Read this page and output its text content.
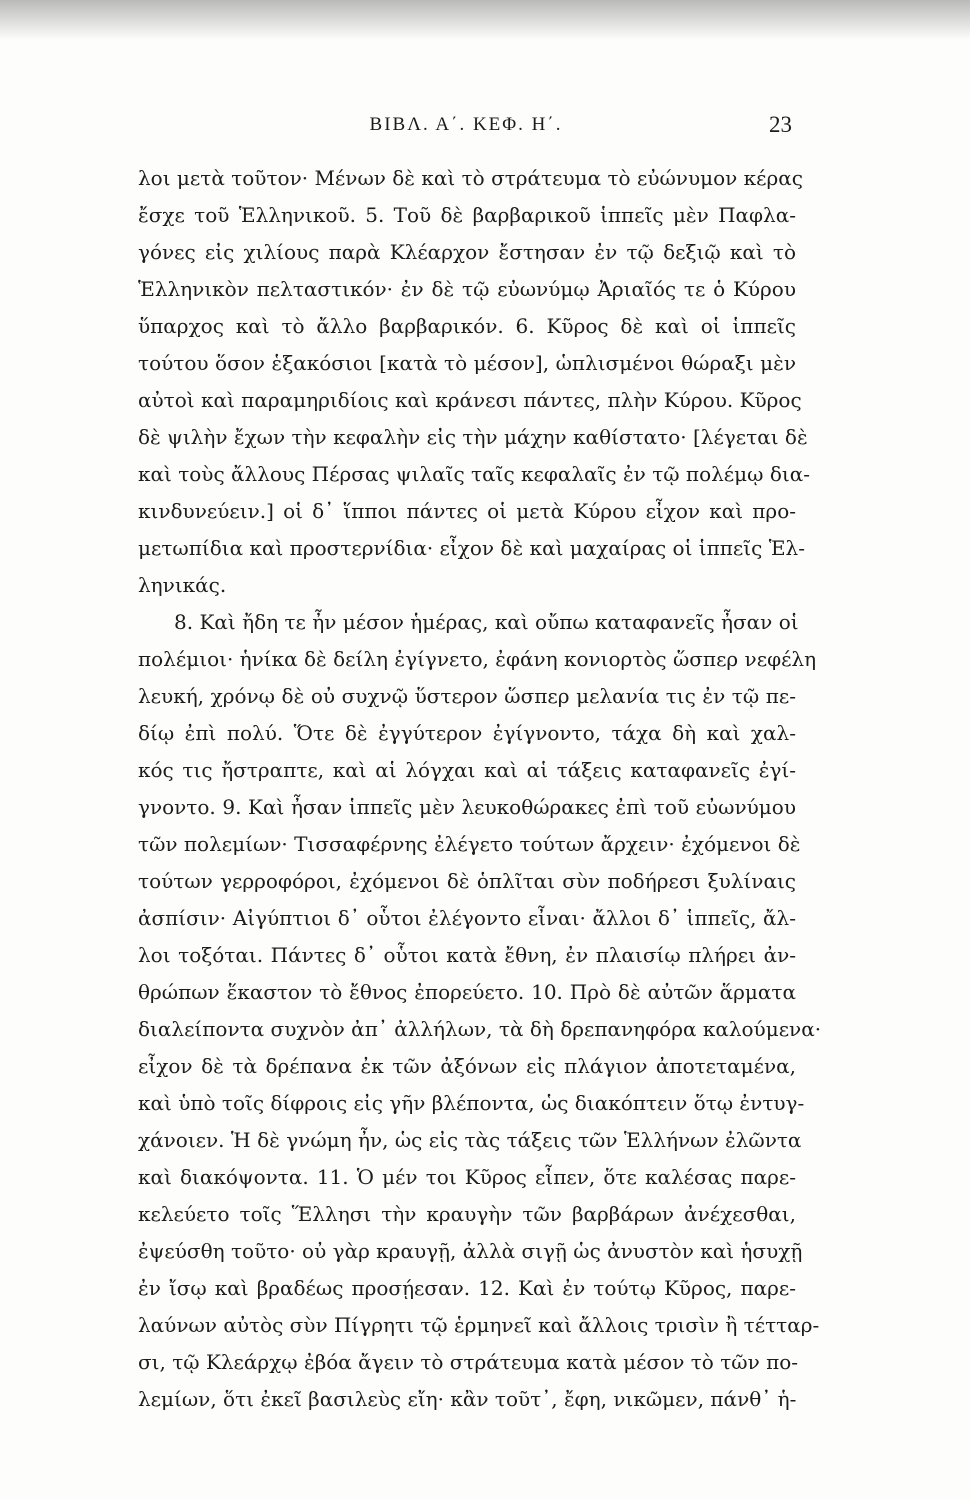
ΒΙΒΛ. Α΄. ΚΕΦ. Η΄.	23
λοι μετὰ τοῦτον· Μένων δὲ καὶ τὸ στράτευμα τὸ εὐώνυμον κέρας
ἔσχε τοῦ Ἑλληνικοῦ. 5. Τοῦ δὲ βαρβαρικοῦ ἱππεῖς μὲν Παφλα-
γόνες εἰς χιλίους παρὰ Κλέαρχον ἔστησαν ἐν τῷ δεξιῷ καὶ τὸ
Ἑλληνικὸν πελταστικόν· ἐν δὲ τῷ εὐωνύμῳ Ἀριαῖός τε ὁ Κύρου
ὕπαρχος καὶ τὸ ἄλλο βαρβαρικόν. 6. Κῦρος δὲ καὶ οἱ ἱππεῖς
τούτου ὅσον ἑξακόσιοι [κατὰ τὸ μέσον], ὡπλισμένοι θώραξι μὲν
αὐτοὶ καὶ παραμηριδίοις καὶ κράνεσι πάντες, πλὴν Κύρου. Κῦρος
δὲ ψιλὴν ἔχων τὴν κεφαλὴν εἰς τὴν μάχην καθίστατο· [λέγεται δὲ
καὶ τοὺς ἄλλους Πέρσας ψιλαῖς ταῖς κεφαλαῖς ἐν τῷ πολέμῳ δια-
κινδυνεύειν.] οἱ δ᾽ ἵπποι πάντες οἱ μετὰ Κύρου εἶχον καὶ προ-
μετωπίδια καὶ προστερνίδια· εἶχον δὲ καὶ μαχαίρας οἱ ἱππεῖς Ἑλ-
ληνικάς.
8. Καὶ ἤδη τε ἦν μέσον ἡμέρας, καὶ οὔπω καταφανεῖς ἦσαν οἱ
πολέμιοι· ἡνίκα δὲ δείλη ἐγίγνετο, ἐφάνη κονιορτὸς ὥσπερ νεφέλη
λευκή, χρόνῳ δὲ οὐ συχνῷ ὕστερον ὥσπερ μελανία τις ἐν τῷ πε-
δίῳ ἐπὶ πολύ. Ὅτε δὲ ἐγγύτερον ἐγίγνοντο, τάχα δὴ καὶ χαλ-
κός τις ἤστραπτε, καὶ αἱ λόγχαι καὶ αἱ τάξεις καταφανεῖς ἐγί-
γνοντο. 9. Καὶ ἦσαν ἱππεῖς μὲν λευκοθώρακες ἐπὶ τοῦ εὐωνύμου
τῶν πολεμίων· Τισσαφέρνης ἐλέγετο τούτων ἄρχειν· ἐχόμενοι δὲ
τούτων γερροφόροι, ἐχόμενοι δὲ ὁπλῖται σὺν ποδήρεσι ξυλίναις
ἀσπίσιν· Αἰγύπτιοι δ᾽ οὗτοι ἐλέγοντο εἶναι· ἄλλοι δ᾽ ἱππεῖς, ἄλ-
λοι τοξόται. Πάντες δ᾽ οὗτοι κατὰ ἔθνη, ἐν πλαισίῳ πλήρει ἀν-
θρώπων ἕκαστον τὸ ἔθνος ἐπορεύετο. 10. Πρὸ δὲ αὐτῶν ἅρματα
διαλείποντα συχνὸν ἀπ᾽ ἀλλήλων, τὰ δὴ δρεπανηφόρα καλούμενα·
εἶχον δὲ τὰ δρέπανα ἐκ τῶν ἀξόνων εἰς πλάγιον ἀποτεταμένα,
καὶ ὑπὸ τοῖς δίφροις εἰς γῆν βλέποντα, ὡς διακόπτειν ὅτῳ ἐντυγ-
χάνοιεν. Ἡ δὲ γνώμη ἦν, ὡς εἰς τὰς τάξεις τῶν Ἑλλήνων ἐλῶντα
καὶ διακόψοντα. 11. Ὁ μέν τοι Κῦρος εἶπεν, ὅτε καλέσας παρε-
κελεύετο τοῖς Ἕλλησι τὴν κραυγὴν τῶν βαρβάρων ἀνέχεσθαι,
ἐψεύσθη τοῦτο· οὐ γὰρ κραυγῇ, ἀλλὰ σιγῇ ὡς ἀνυστὸν καὶ ἡσυχῇ
ἐν ἴσῳ καὶ βραδέως προσῄεσαν. 12. Καὶ ἐν τούτῳ Κῦρος, παρε-
λαύνων αὐτὸς σὺν Πίγρητι τῷ ἑρμηνεῖ καὶ ἄλλοις τρισὶν ἢ τέτταρ-
σι, τῷ Κλεάρχῳ ἐβόα ἄγειν τὸ στράτευμα κατὰ μέσον τὸ τῶν πο-
λεμίων, ὅτι ἐκεῖ βασιλεὺς εἴη· κἂν τοῦτ᾽, ἔφη, νικῶμεν, πάνθ᾽ ἡ-
